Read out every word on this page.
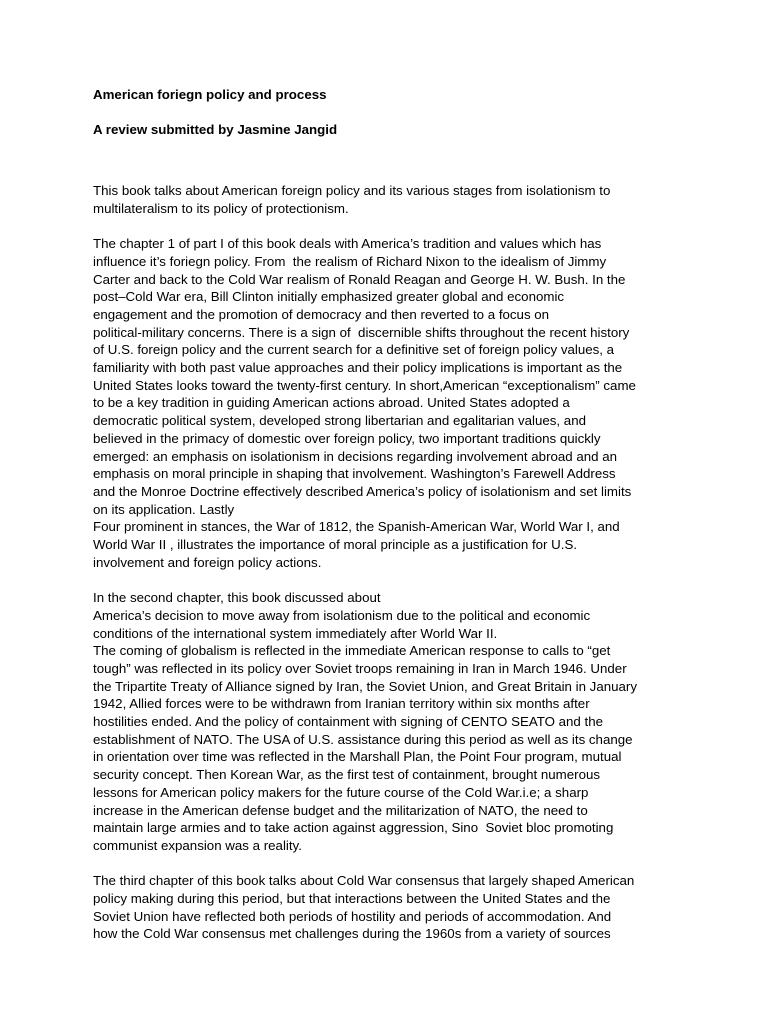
American foriegn policy and process

A review submitted by Jasmine Jangid

This book talks about American foreign policy and its various stages from isolationism to
multilateralism to its policy of protectionism.

The chapter 1 of part I of this book deals with America’s tradition and values which has
influence it’s foriegn policy. From  the realism of Richard Nixon to the idealism of Jimmy
Carter and back to the Cold War realism of Ronald Reagan and George H. W. Bush. In the
post–Cold War era, Bill Clinton initially emphasized greater global and economic
engagement and the promotion of democracy and then reverted to a focus on
political-military concerns. There is a sign of  discernible shifts throughout the recent history
of U.S. foreign policy and the current search for a definitive set of foreign policy values, a
familiarity with both past value approaches and their policy implications is important as the
United States looks toward the twenty-first century. In short,American “exceptionalism” came
to be a key tradition in guiding American actions abroad. United States adopted a
democratic political system, developed strong libertarian and egalitarian values, and
believed in the primacy of domestic over foreign policy, two important traditions quickly
emerged: an emphasis on isolationism in decisions regarding involvement abroad and an
emphasis on moral principle in shaping that involvement. Washington’s Farewell Address
and the Monroe Doctrine effectively described America’s policy of isolationism and set limits
on its application. Lastly
Four prominent in stances, the War of 1812, the Spanish-American War, World War I, and
World War II , illustrates the importance of moral principle as a justification for U.S.
involvement and foreign policy actions.

In the second chapter, this book discussed about
America’s decision to move away from isolationism due to the political and economic
conditions of the international system immediately after World War II.
The coming of globalism is reflected in the immediate American response to calls to “get
tough” was reflected in its policy over Soviet troops remaining in Iran in March 1946. Under
the Tripartite Treaty of Alliance signed by Iran, the Soviet Union, and Great Britain in January
1942, Allied forces were to be withdrawn from Iranian territory within six months after
hostilities ended. And the policy of containment with signing of CENTO SEATO and the
establishment of NATO. The USA of U.S. assistance during this period as well as its change
in orientation over time was reflected in the Marshall Plan, the Point Four program, mutual
security concept. Then Korean War, as the first test of containment, brought numerous
lessons for American policy makers for the future course of the Cold War.i.e; a sharp
increase in the American defense budget and the militarization of NATO, the need to
maintain large armies and to take action against aggression, Sino  Soviet bloc promoting
communist expansion was a reality.

The third chapter of this book talks about Cold War consensus that largely shaped American
policy making during this period, but that interactions between the United States and the
Soviet Union have reflected both periods of hostility and periods of accommodation. And
how the Cold War consensus met challenges during the 1960s from a variety of sources
